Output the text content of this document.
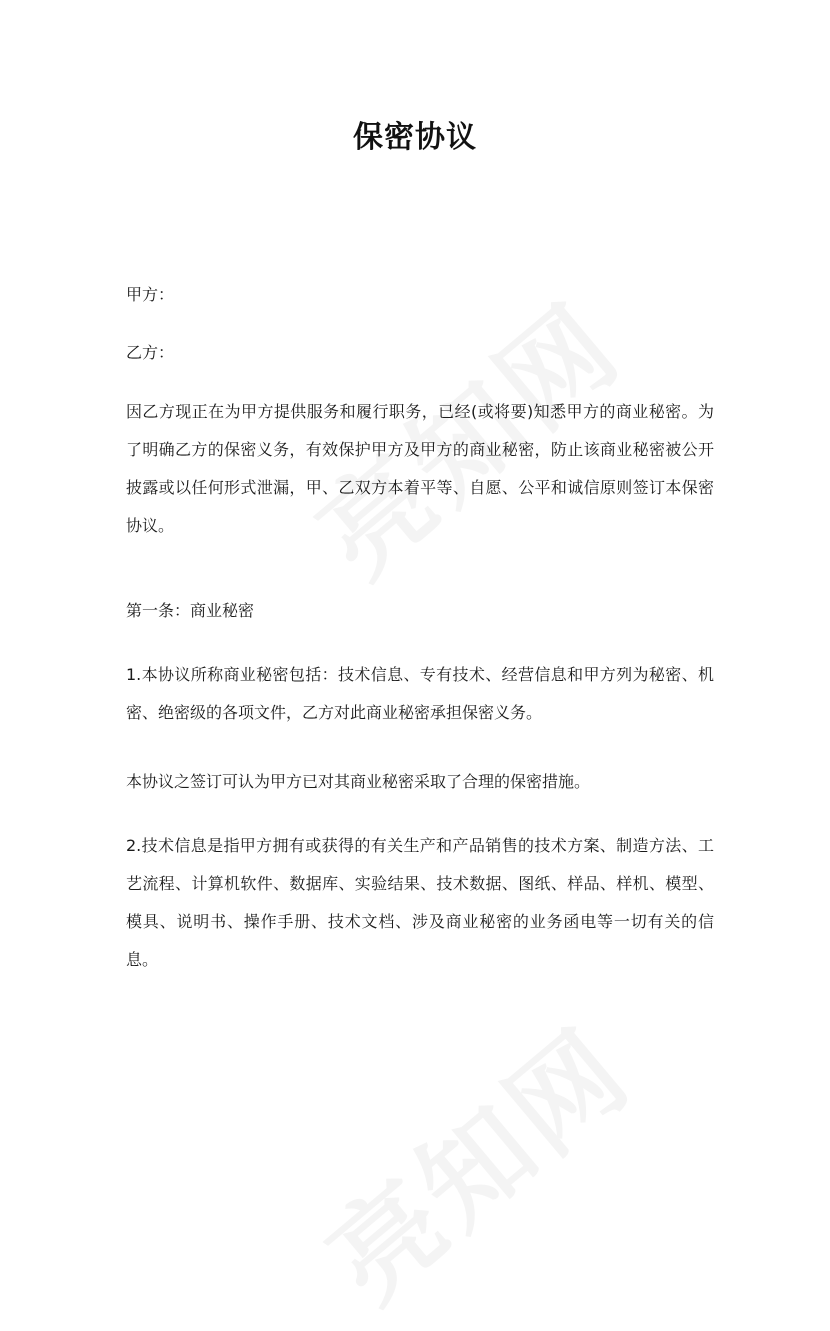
保密协议

甲方：

乙方：

因乙方现正在为甲方提供服务和履行职务，已经(或将要)知悉甲方的商业秘密。为了明确乙方的保密义务，有效保护甲方及甲方的商业秘密，防止该商业秘密被公开披露或以任何形式泄漏，甲、乙双方本着平等、自愿、公平和诚信原则签订本保密协议。

第一条：商业秘密

1.本协议所称商业秘密包括：技术信息、专有技术、经营信息和甲方列为秘密、机密、绝密级的各项文件，乙方对此商业秘密承担保密义务。

本协议之签订可认为甲方已对其商业秘密采取了合理的保密措施。

2.技术信息是指甲方拥有或获得的有关生产和产品销售的技术方案、制造方法、工艺流程、计算机软件、数据库、实验结果、技术数据、图纸、样品、样机、模型、模具、说明书、操作手册、技术文档、涉及商业秘密的业务函电等一切有关的信息。
